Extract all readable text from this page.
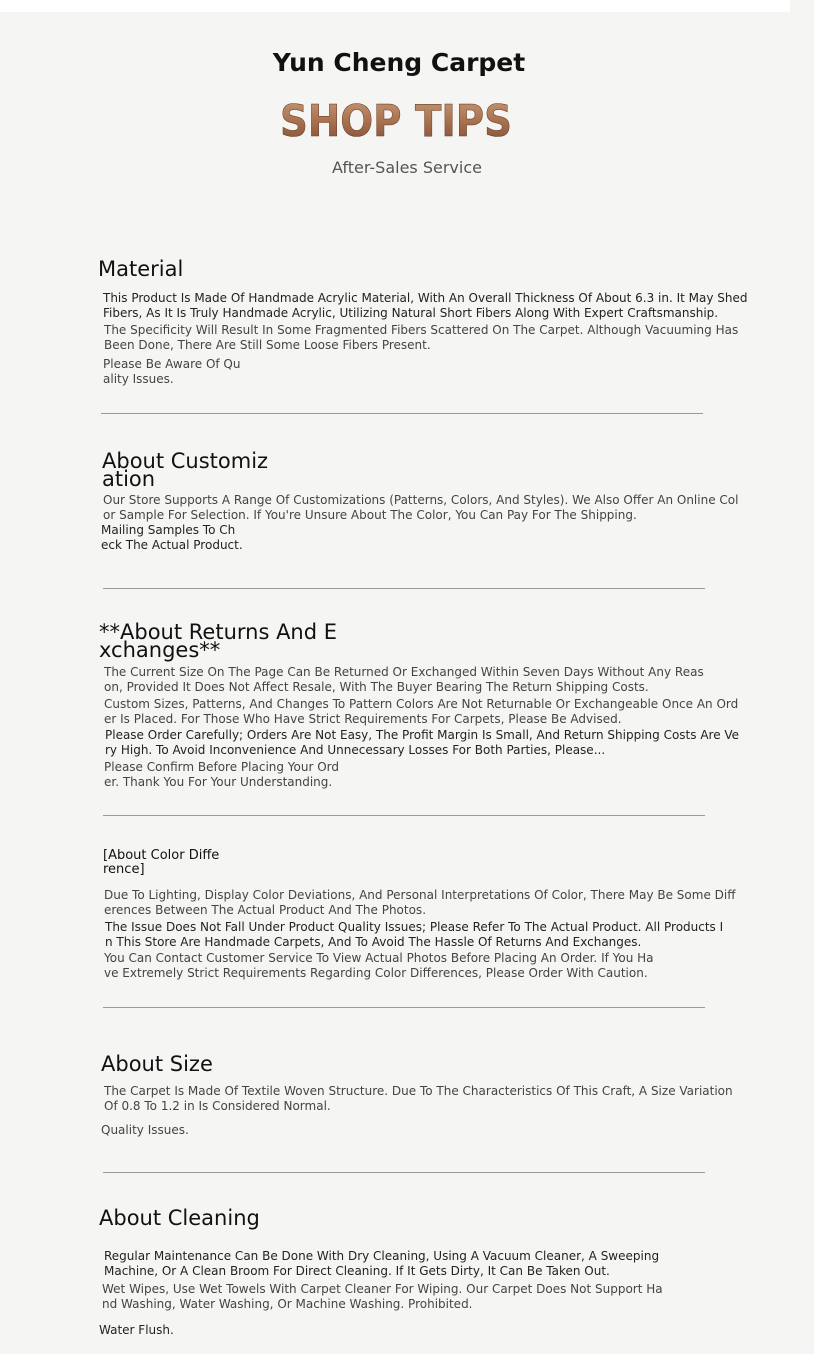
Yun Cheng Carpet
SHOP TIPS
After-Sales Service
Material

This Product Is Made Of Handmade Acrylic Material, With An Overall Thickness Of About 6.3 in. It May Shed
Fibers, As It Is Truly Handmade Acrylic, Utilizing Natural Short Fibers Along With Expert Craftsmanship.

The Specificity Will Result In Some Fragmented Fibers Scattered On The Carpet. Although Vacuuming Has
Been Done, There Are Still Some Loose Fibers Present.

Please Be Aware Of Qu
ality Issues.

About Customiz
ation

Our Store Supports A Range Of Customizations (Patterns, Colors, And Styles). We Also Offer An Online Col
or Sample For Selection. If You're Unsure About The Color, You Can Pay For The Shipping.

Mailing Samples To Ch
eck The Actual Product.

**About Returns And E
xchanges**

The Current Size On The Page Can Be Returned Or Exchanged Within Seven Days Without Any Reas
on, Provided It Does Not Affect Resale, With The Buyer Bearing The Return Shipping Costs.

Custom Sizes, Patterns, And Changes To Pattern Colors Are Not Returnable Or Exchangeable Once An Ord
er Is Placed. For Those Who Have Strict Requirements For Carpets, Please Be Advised.

Please Order Carefully; Orders Are Not Easy, The Profit Margin Is Small, And Return Shipping Costs Are Ve
ry High. To Avoid Inconvenience And Unnecessary Losses For Both Parties, Please...

Please Confirm Before Placing Your Ord
er. Thank You For Your Understanding.

[About Color Diffe
rence]

Due To Lighting, Display Color Deviations, And Personal Interpretations Of Color, There May Be Some Diff
erences Between The Actual Product And The Photos.

The Issue Does Not Fall Under Product Quality Issues; Please Refer To The Actual Product. All Products I
n This Store Are Handmade Carpets, And To Avoid The Hassle Of Returns And Exchanges.

You Can Contact Customer Service To View Actual Photos Before Placing An Order. If You Ha
ve Extremely Strict Requirements Regarding Color Differences, Please Order With Caution.

About Size

The Carpet Is Made Of Textile Woven Structure. Due To The Characteristics Of This Craft, A Size Variation
Of 0.8 To 1.2 in Is Considered Normal.

Quality Issues.

About Cleaning

Regular Maintenance Can Be Done With Dry Cleaning, Using A Vacuum Cleaner, A Sweeping
Machine, Or A Clean Broom For Direct Cleaning. If It Gets Dirty, It Can Be Taken Out.

Wet Wipes, Use Wet Towels With Carpet Cleaner For Wiping. Our Carpet Does Not Support Ha
nd Washing, Water Washing, Or Machine Washing. Prohibited.

Water Flush.
